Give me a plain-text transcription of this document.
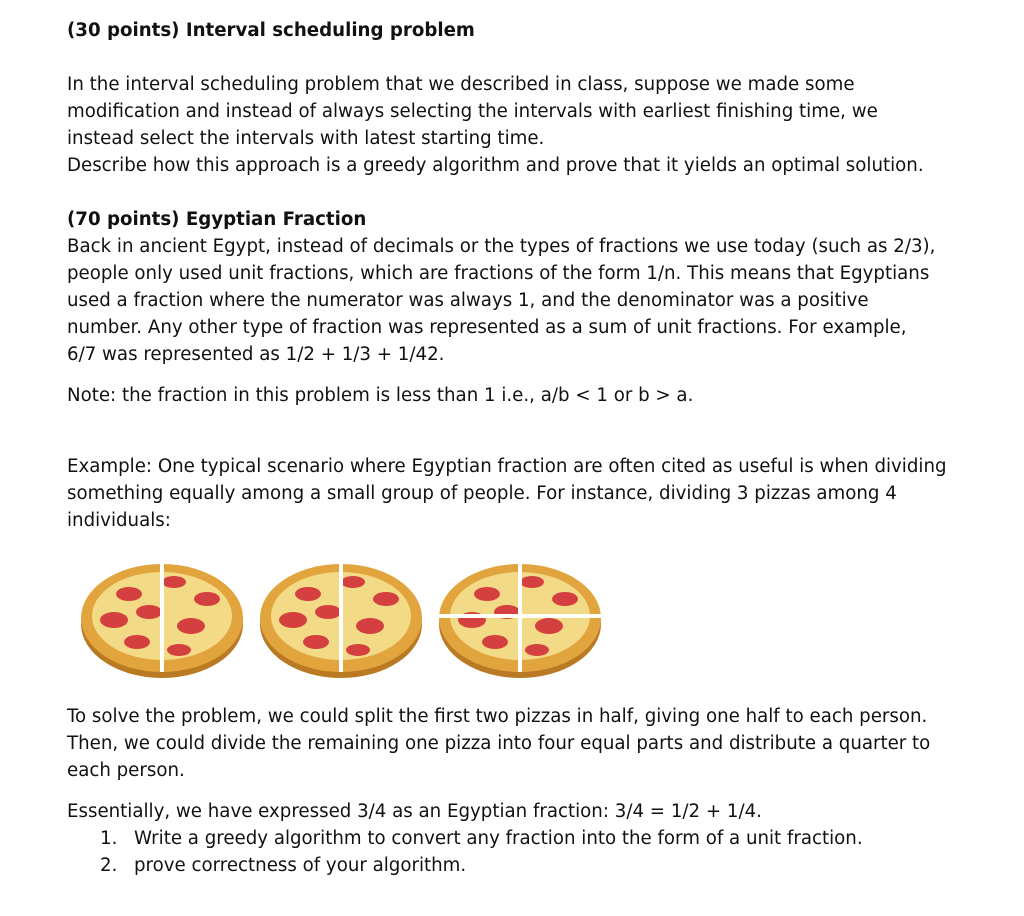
(30 points) Interval scheduling problem

In the interval scheduling problem that we described in class, suppose we made some

modification and instead of always selecting the intervals with earliest finishing time, we

instead select the intervals with latest starting time.

Describe how this approach is a greedy algorithm and prove that it yields an optimal solution.

(70 points) Egyptian Fraction

Back in ancient Egypt, instead of decimals or the types of fractions we use today (such as 2/3),

people only used unit fractions, which are fractions of the form 1/n. This means that Egyptians

used a fraction where the numerator was always 1, and the denominator was a positive

number. Any other type of fraction was represented as a sum of unit fractions. For example,

6/7 was represented as 1/2 + 1/3 + 1/42.

Note: the fraction in this problem is less than 1 i.e., a/b < 1 or b > a.

Example: One typical scenario where Egyptian fraction are often cited as useful is when dividing

something equally among a small group of people. For instance, dividing 3 pizzas among 4

individuals:

To solve the problem, we could split the first two pizzas in half, giving one half to each person.

Then, we could divide the remaining one pizza into four equal parts and distribute a quarter to

each person.

Essentially, we have expressed 3/4 as an Egyptian fraction: 3/4 = 1/2 + 1/4.

1. Write a greedy algorithm to convert any fraction into the form of a unit fraction.
2. prove correctness of your algorithm.
